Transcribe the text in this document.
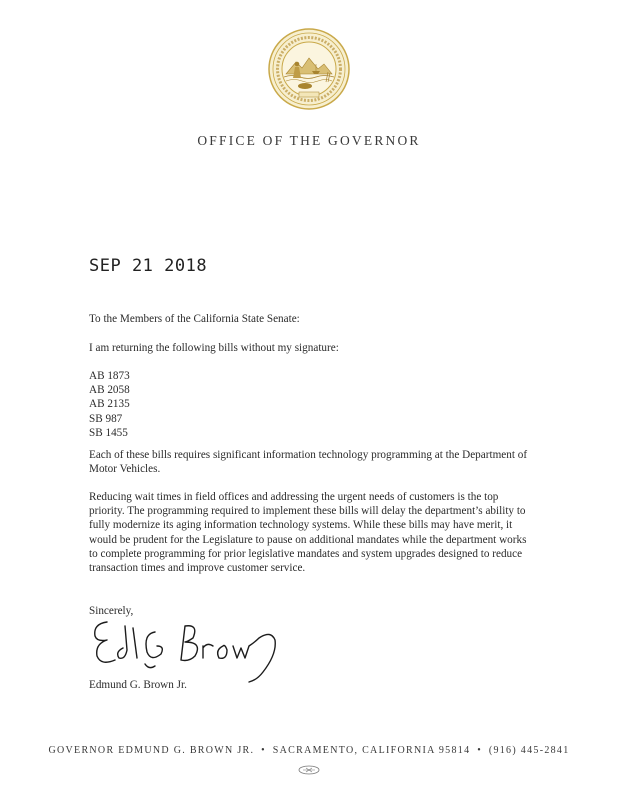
OFFICE OF THE GOVERNOR
SEP 21 2018
To the Members of the California State Senate:
I am returning the following bills without my signature:
AB 1873
AB 2058
AB 2135
SB 987
SB 1455
Each of these bills requires significant information technology programming at the Department of Motor Vehicles.
Reducing wait times in field offices and addressing the urgent needs of customers is the top priority. The programming required to implement these bills will delay the department’s ability to fully modernize its aging information technology systems. While these bills may have merit, it would be prudent for the Legislature to pause on additional mandates while the department works to complete programming for prior legislative mandates and system upgrades designed to reduce transaction times and improve customer service.
Sincerely,
Edmund G. Brown Jr.
GOVERNOR EDMUND G. BROWN JR. • SACRAMENTO, CALIFORNIA 95814 • (916) 445-2841
